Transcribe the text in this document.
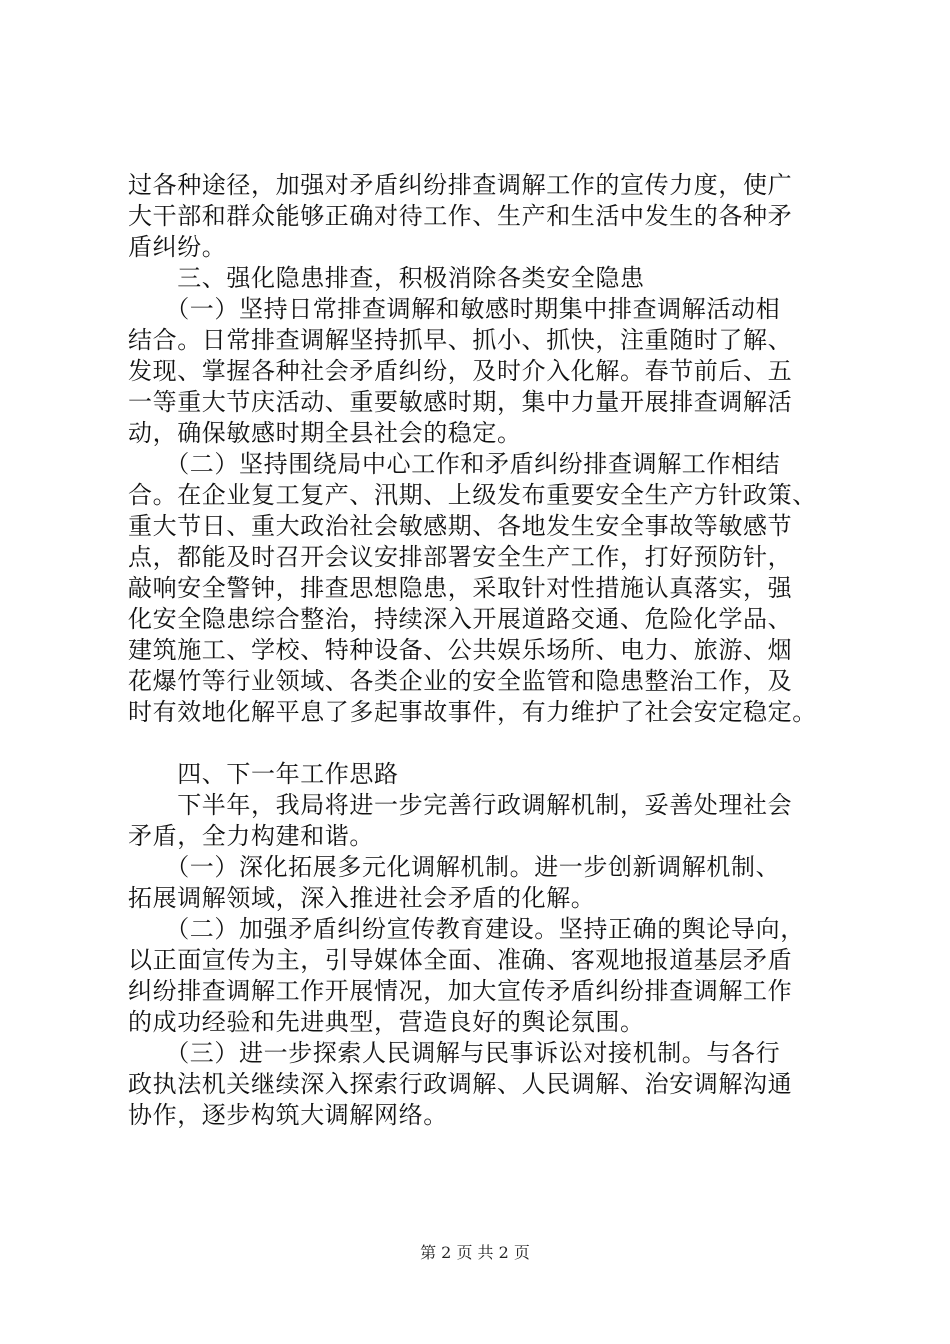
过各种途径，加强对矛盾纠纷排查调解工作的宣传力度，使广
大干部和群众能够正确对待工作、生产和生活中发生的各种矛
盾纠纷。
　　三、强化隐患排查，积极消除各类安全隐患
　　（一）坚持日常排查调解和敏感时期集中排查调解活动相
结合。日常排查调解坚持抓早、抓小、抓快，注重随时了解、
发现、掌握各种社会矛盾纠纷，及时介入化解。春节前后、五
一等重大节庆活动、重要敏感时期，集中力量开展排查调解活
动，确保敏感时期全县社会的稳定。
　　（二）坚持围绕局中心工作和矛盾纠纷排查调解工作相结
合。在企业复工复产、汛期、上级发布重要安全生产方针政策、
重大节日、重大政治社会敏感期、各地发生安全事故等敏感节
点，都能及时召开会议安排部署安全生产工作，打好预防针，
敲响安全警钟，排查思想隐患，采取针对性措施认真落实，强
化安全隐患综合整治，持续深入开展道路交通、危险化学品、
建筑施工、学校、特种设备、公共娱乐场所、电力、旅游、烟
花爆竹等行业领域、各类企业的安全监管和隐患整治工作，及
时有效地化解平息了多起事故事件，有力维护了社会安定稳定。
　　四、下一年工作思路
　　下半年，我局将进一步完善行政调解机制，妥善处理社会
矛盾，全力构建和谐。
　　（一）深化拓展多元化调解机制。进一步创新调解机制、
拓展调解领域，深入推进社会矛盾的化解。
　　（二）加强矛盾纠纷宣传教育建设。坚持正确的舆论导向，
以正面宣传为主，引导媒体全面、准确、客观地报道基层矛盾
纠纷排查调解工作开展情况，加大宣传矛盾纠纷排查调解工作
的成功经验和先进典型，营造良好的舆论氛围。
　　（三）进一步探索人民调解与民事诉讼对接机制。与各行
政执法机关继续深入探索行政调解、人民调解、治安调解沟通
协作，逐步构筑大调解网络。
第 2 页 共 2 页
